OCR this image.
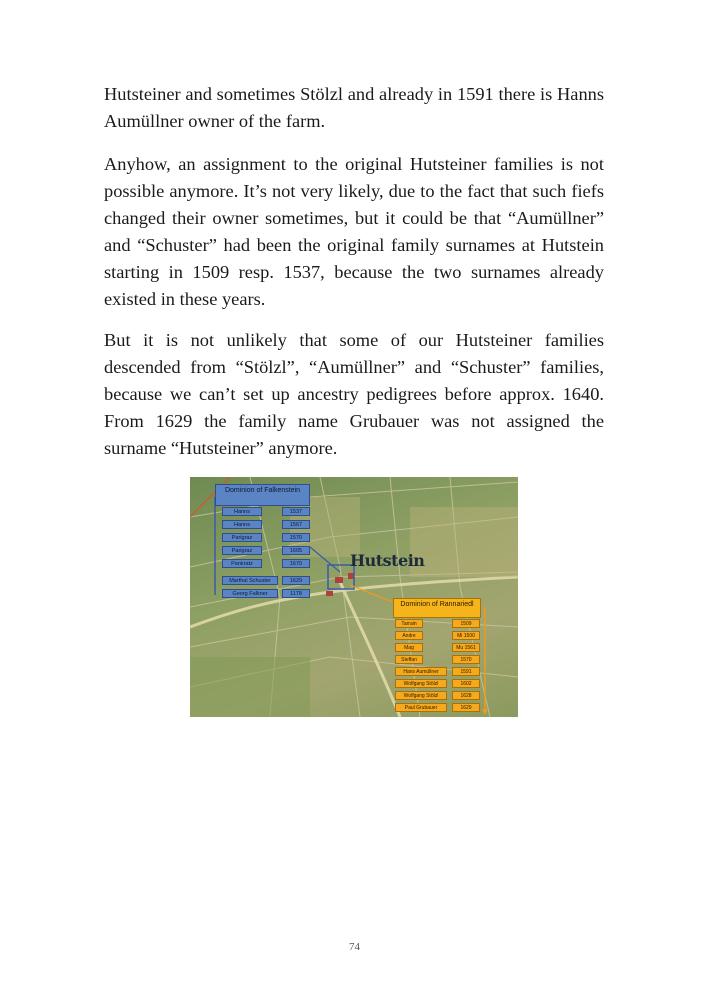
Hutsteiner and sometimes Stölzl and already in 1591 there is Hanns Aumüllner owner of the farm.

Anyhow, an assignment to the original Hutsteiner families is not possible anymore. It’s not very likely, due to the fact that such fiefs changed their owner sometimes, but it could be that “Aumüllner” and “Schuster” had been the original family surnames at Hutstein starting in 1509 resp. 1537, because the two surnames already existed in these years.

But it is not unlikely that some of our Hutsteiner families descended from “Stölzl”, “Aumüllner” and “Schuster” families, because we can’t set up ancestry pedigrees before approx. 1640. From 1629 the family name Grubauer was not assigned the surname “Hutsteiner” anymore.

Hutstein
Dominion of Falkenstein
Hanns	1537
Hanns	1567
Parigraz	1570
Parigraz	1605
Pankratz	1670
Marthal Schuster	1629
Georg Falkner	1178
Dominion of Rannariedl
Tarrain	1509
Andre	Mi 1500
Mag	Mu 1561
Steffan	1570
Hans Aumüllner	1591
Wolfgang Stölzl	1602
Wolfgang Stölzl	1628
Paul Grubauer	1629
74
